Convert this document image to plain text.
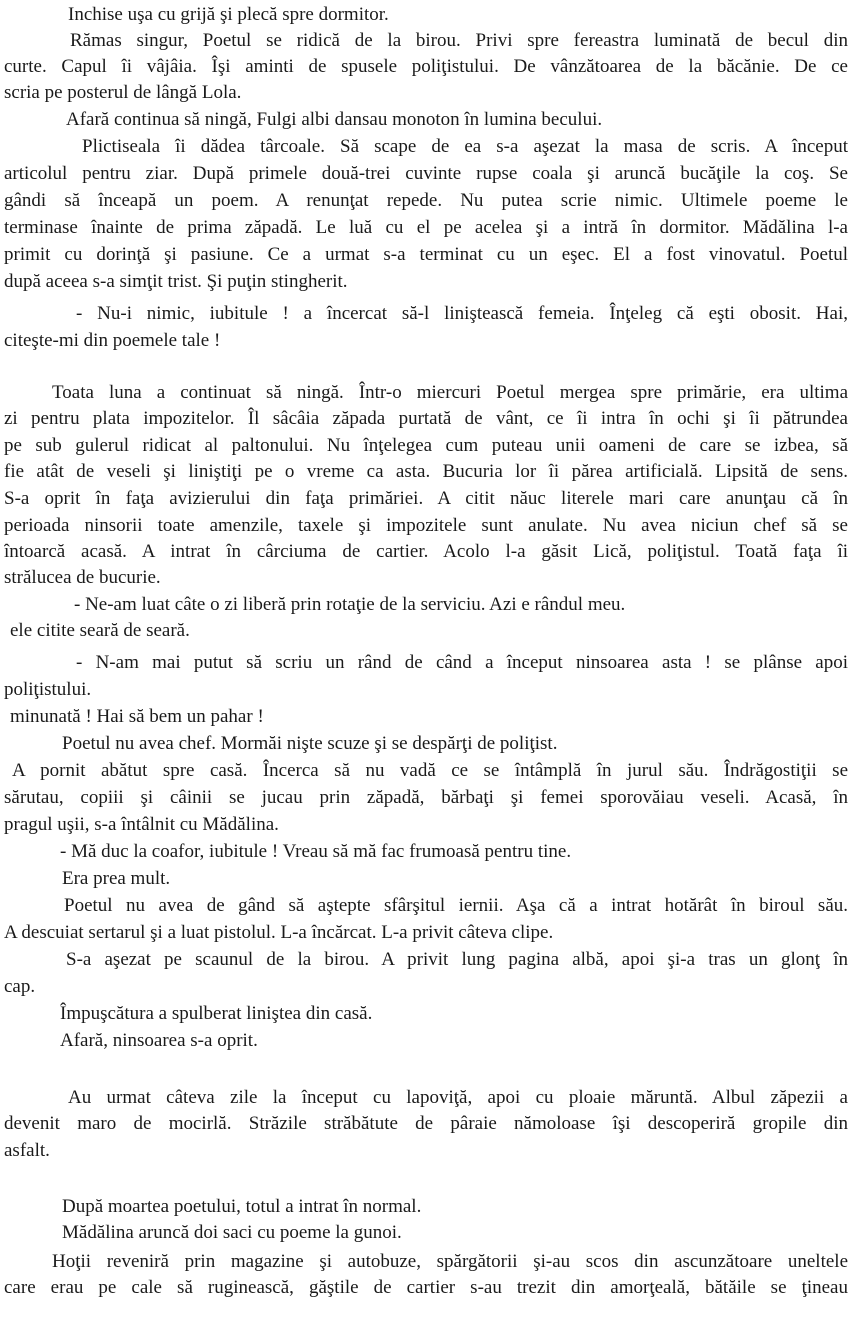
Inchise uşa cu grijă şi plecă spre dormitor.
Rămas singur, Poetul se ridică de la birou. Privi spre fereastra luminată de becul din
curte. Capul îi vâjâia. Îşi aminti de spusele poliţistului. De vânzătoarea de la băcănie. De ce
scria pe posterul de lângă Lola.
Afară continua să ningă, Fulgi albi dansau monoton în lumina becului.
Plictiseala îi dădea târcoale. Să scape de ea s-a aşezat la masa de scris. A început
articolul pentru ziar. După primele două-trei cuvinte rupse coala şi aruncă bucăţile la coş. Se
gândi să înceapă un poem. A renunţat repede. Nu putea scrie nimic. Ultimele poeme le
terminase înainte de prima zăpadă. Le luă cu el pe acelea şi a intră în dormitor. Mădălina l-a
primit cu dorinţă şi pasiune. Ce a urmat s-a terminat cu un eşec. El a fost vinovatul. Poetul
după aceea s-a simţit trist. Şi puţin stingherit.
- Nu-i nimic, iubitule ! a încercat să-l liniştească femeia. Înţeleg că eşti obosit. Hai,
citeşte-mi din poemele tale !
Toata luna a continuat să ningă. Într-o miercuri Poetul mergea spre primărie, era ultima
zi pentru plata impozitelor. Îl sâcâia zăpada purtată de vânt, ce îi intra în ochi şi îi pătrundea
pe sub gulerul ridicat al paltonului. Nu înţelegea cum puteau unii oameni de care se izbea, să
fie atât de veseli şi liniştiţi pe o vreme ca asta. Bucuria lor îi părea artificială. Lipsită de sens.
S-a oprit în faţa avizierului din faţa primăriei. A citit năuc literele mari care anunţau că în
perioada ninsorii toate amenzile, taxele şi impozitele sunt anulate. Nu avea niciun chef să se
întoarcă acasă. A intrat în cârciuma de cartier. Acolo l-a găsit Lică, poliţistul. Toată faţa îi
strălucea de bucurie.
- Ne-am luat câte o zi liberă prin rotaţie de la serviciu. Azi e rândul meu.
ele citite seară de seară.
- N-am mai putut să scriu un rând de când a început ninsoarea asta ! se plânse apoi
poliţistului.
minunată ! Hai să bem un pahar !
Poetul nu avea chef. Mormăi nişte scuze şi se despărţi de poliţist.
A pornit abătut spre casă. Încerca să nu vadă ce se întâmplă în jurul său. Îndrăgostiţii se
sărutau, copiii şi câinii se jucau prin zăpadă, bărbaţi şi femei sporovăiau veseli. Acasă, în
pragul uşii, s-a întâlnit cu Mădălina.
- Mă duc la coafor, iubitule ! Vreau să mă fac frumoasă pentru tine.
Era prea mult.
Poetul nu avea de gând să aştepte sfârşitul iernii. Aşa că a intrat hotărât în biroul său.
A descuiat sertarul şi a luat pistolul. L-a încărcat. L-a privit câteva clipe.
S-a aşezat pe scaunul de la birou. A privit lung pagina albă, apoi şi-a tras un glonţ în
cap.
Împuşcătura a spulberat liniştea din casă.
Afară, ninsoarea s-a oprit.
Au urmat câteva zile la început cu lapoviţă, apoi cu ploaie măruntă. Albul zăpezii a
devenit maro de mocirlă. Străzile străbătute de pâraie nămoloase îşi descoperiră gropile din
asfalt.
După moartea poetului, totul a intrat în normal.
Mădălina aruncă doi saci cu poeme la gunoi.
Hoţii reveniră prin magazine şi autobuze, spărgătorii şi-au scos din ascunzătoare uneltele
care erau pe cale să ruginească, găştile de cartier s-au trezit din amorţeală, bătăile se ţineau
